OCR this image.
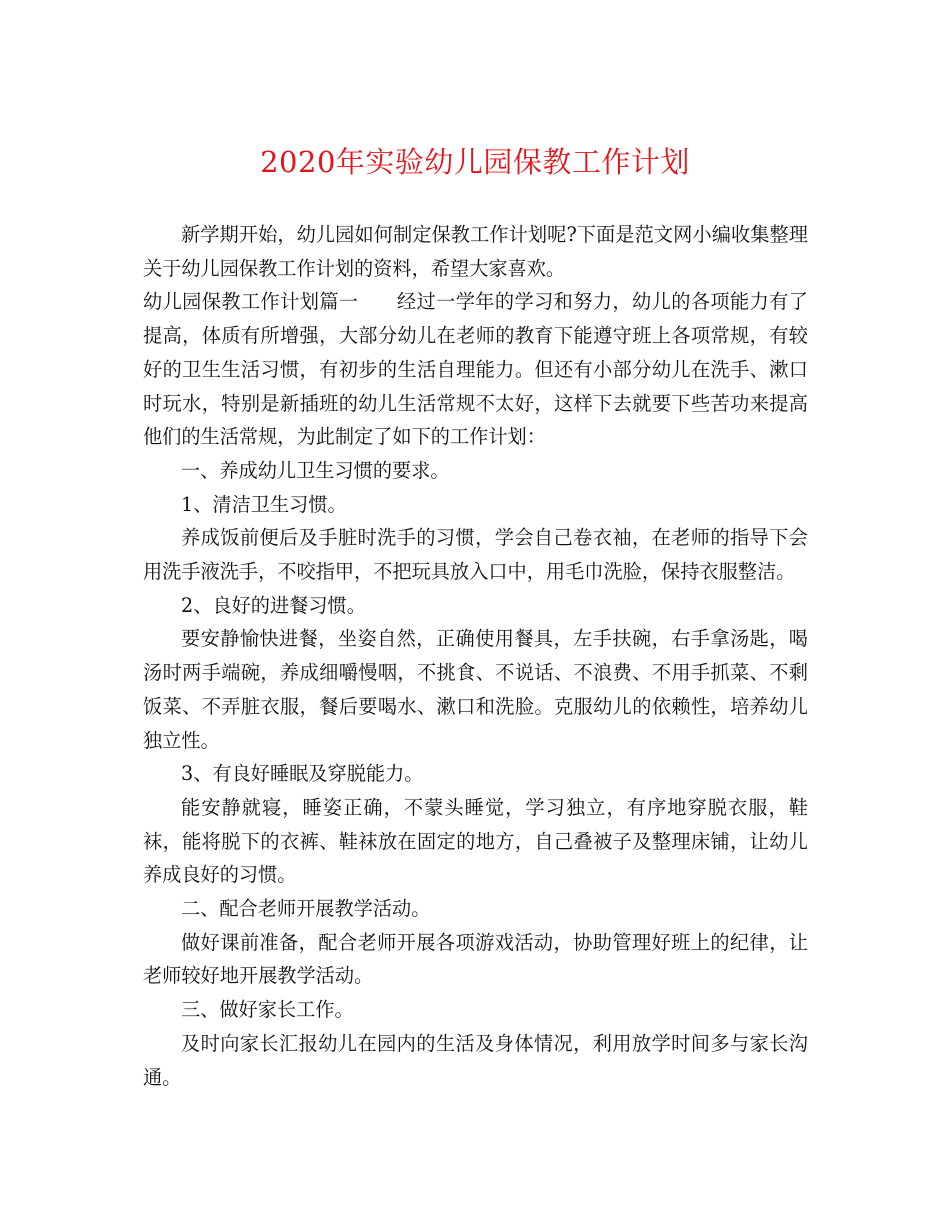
2020年实验幼儿园保教工作计划

新学期开始，幼儿园如何制定保教工作计划呢?下面是范文网小编收集整理关于幼儿园保教工作计划的资料，希望大家喜欢。

幼儿园保教工作计划篇一 经过一学年的学习和努力，幼儿的各项能力有了提高，体质有所增强，大部分幼儿在老师的教育下能遵守班上各项常规，有较好的卫生生活习惯，有初步的生活自理能力。但还有小部分幼儿在洗手、漱口时玩水，特别是新插班的幼儿生活常规不太好，这样下去就要下些苦功来提高他们的生活常规，为此制定了如下的工作计划：

一、养成幼儿卫生习惯的要求。

1、清洁卫生习惯。

养成饭前便后及手脏时洗手的习惯，学会自己卷衣袖，在老师的指导下会用洗手液洗手，不咬指甲，不把玩具放入口中，用毛巾洗脸，保持衣服整洁。

2、良好的进餐习惯。

要安静愉快进餐，坐姿自然，正确使用餐具，左手扶碗，右手拿汤匙，喝汤时两手端碗，养成细嚼慢咽，不挑食、不说话、不浪费、不用手抓菜、不剩饭菜、不弄脏衣服，餐后要喝水、漱口和洗脸。克服幼儿的依赖性，培养幼儿独立性。

3、有良好睡眠及穿脱能力。

能安静就寝，睡姿正确，不蒙头睡觉，学习独立，有序地穿脱衣服，鞋袜，能将脱下的衣裤、鞋袜放在固定的地方，自己叠被子及整理床铺，让幼儿养成良好的习惯。

二、配合老师开展教学活动。

做好课前准备，配合老师开展各项游戏活动，协助管理好班上的纪律，让老师较好地开展教学活动。

三、做好家长工作。

及时向家长汇报幼儿在园内的生活及身体情况，利用放学时间多与家长沟通。
